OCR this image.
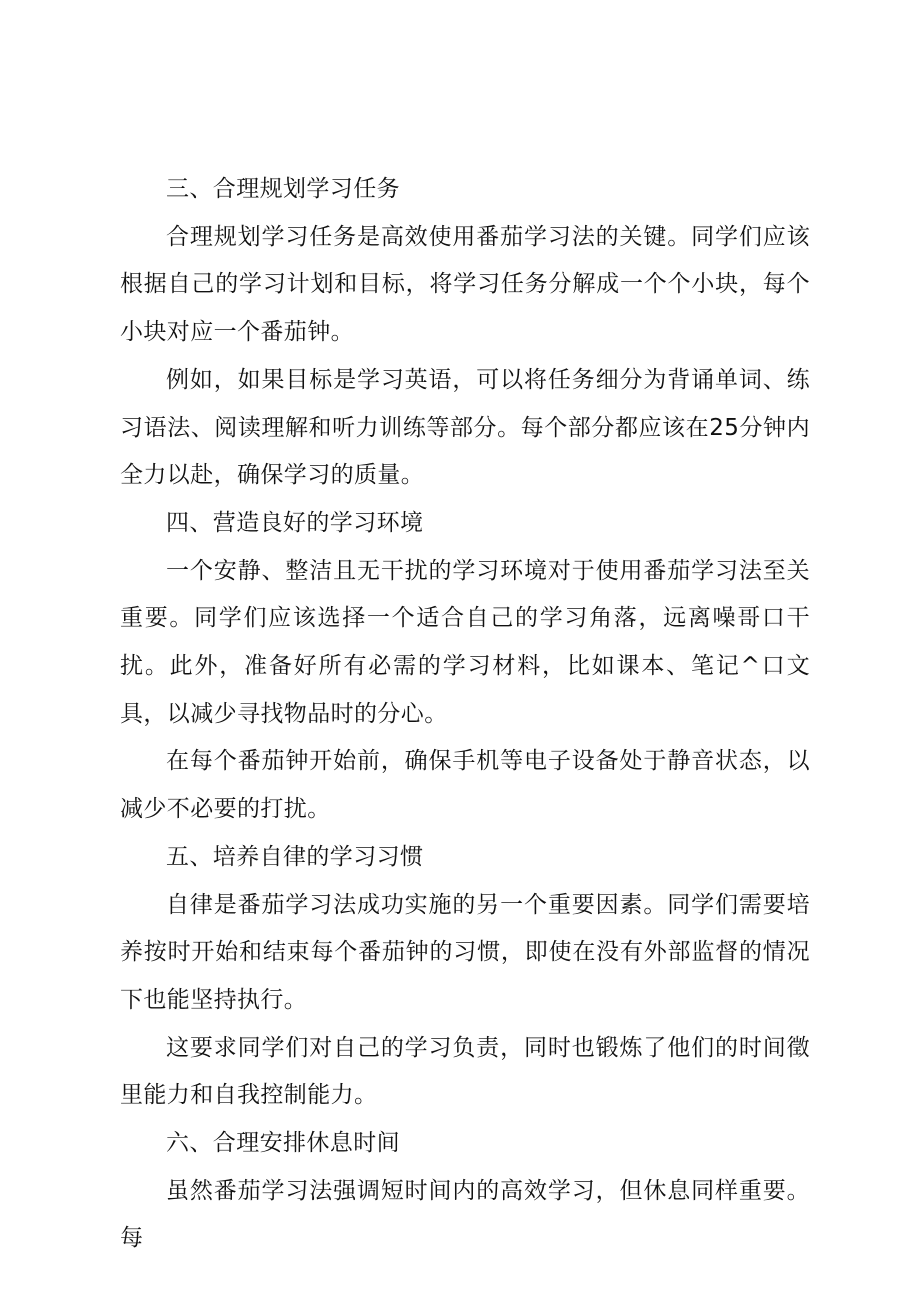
三、合理规划学习任务

合理规划学习任务是高效使用番茄学习法的关键。同学们应该根据自己的学习计划和目标，将学习任务分解成一个个小块，每个小块对应一个番茄钟。

例如，如果目标是学习英语，可以将任务细分为背诵单词、练习语法、阅读理解和听力训练等部分。每个部分都应该在25分钟内全力以赴，确保学习的质量。

四、营造良好的学习环境

一个安静、整洁且无干扰的学习环境对于使用番茄学习法至关重要。同学们应该选择一个适合自己的学习角落，远离噪哥口干扰。此外，准备好所有必需的学习材料，比如课本、笔记^口文具，以减少寻找物品时的分心。

在每个番茄钟开始前，确保手机等电子设备处于静音状态，以减少不必要的打扰。

五、培养自律的学习习惯

自律是番茄学习法成功实施的另一个重要因素。同学们需要培养按时开始和结束每个番茄钟的习惯，即使在没有外部监督的情况下也能坚持执行。

这要求同学们对自己的学习负责，同时也锻炼了他们的时间徵里能力和自我控制能力。

六、合理安排休息时间

虽然番茄学习法强调短时间内的高效学习，但休息同样重要。每
